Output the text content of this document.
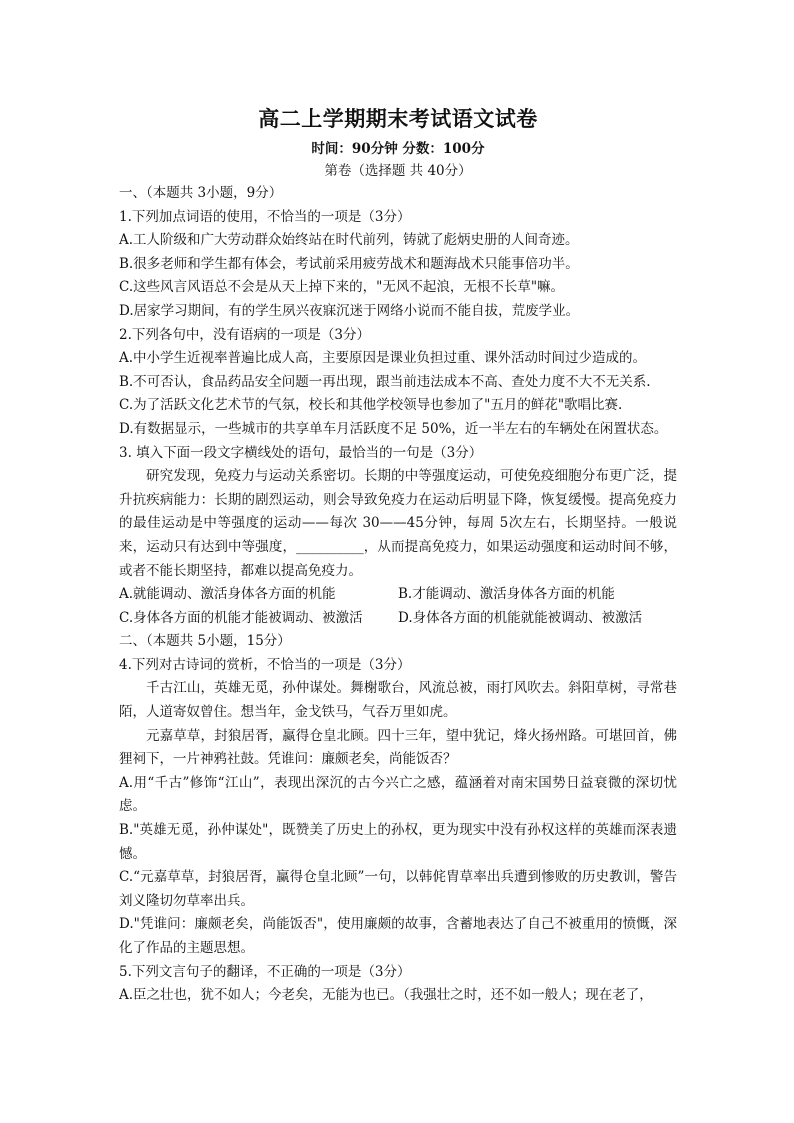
高二上学期期末考试语文试卷
时间：90分钟 分数：100分
第卷（选择题 共 40分）
一、（本题共 3小题，9分）
1.下列加点词语的使用，不恰当的一项是（3分）
A.工人阶级和广大劳动群众始终站在时代前列，铸就了彪炳史册的人间奇迹。
B.很多老师和学生都有体会，考试前采用疲劳战术和题海战术只能事倍功半。
C.这些风言风语总不会是从天上掉下来的，"无风不起浪，无根不长草"嘛。
D.居家学习期间，有的学生夙兴夜寐沉迷于网络小说而不能自拔，荒废学业。
2.下列各句中，没有语病的一项是（3分）
A.中小学生近视率普遍比成人高，主要原因是课业负担过重、课外活动时间过少造成的。
B.不可否认，食品药品安全问题一再出现，跟当前违法成本不高、查处力度不大不无关系.
C.为了活跃文化艺术节的气氛，校长和其他学校领导也参加了"五月的鲜花"歌唱比赛.
D.有数据显示，一些城市的共享单车月活跃度不足 50%，近一半左右的车辆处在闲置状态。
3. 填入下面一段文字横线处的语句，最恰当的一句是（3分）

研究发现，免疫力与运动关系密切。长期的中等强度运动，可使免疫细胞分布更广泛，提升抗疾病能力：长期的剧烈运动，则会导致免疫力在运动后明显下降，恢复缓慢。提高免疫力的最佳运动是中等强度的运动——每次 30——45分钟，每周 5次左右，长期坚持。一般说来，运动只有达到中等强度，__________，从而提高免疫力，如果运动强度和运动时间不够，或者不能长期坚持，都难以提高免疫力。

A.就能调动、激活身体各方面的机能	B.才能调动、激活身体各方面的机能
C.身体各方面的机能才能被调动、被激活	D.身体各方面的机能就能被调动、被激活
二、（本题共 5小题，15分）
4.下列对古诗词的赏析，不恰当的一项是（3分）

千古江山，英雄无觅，孙仲谋处。舞榭歌台，风流总被，雨打风吹去。斜阳草树，寻常巷陌，人道寄奴曾住。想当年，金戈铁马，气吞万里如虎。

元嘉草草，封狼居胥，赢得仓皇北顾。四十三年，望中犹记，烽火扬州路。可堪回首，佛狸祠下，一片神鸦社鼓。凭谁问：廉颇老矣，尚能饭否？

A.用“千古”修饰“江山”，表现出深沉的古今兴亡之感，蕴涵着对南宋国势日益衰微的深切忧虑。

B."英雄无觅，孙仲谋处"，既赞美了历史上的孙权，更为现实中没有孙权这样的英雄而深表遗憾。

C.“元嘉草草，封狼居胥，赢得仓皇北顾”一句，以韩侂胄草率出兵遭到惨败的历史教训，警告刘义隆切勿草率出兵。

D."凭谁问：廉颇老矣，尚能饭否"，使用廉颇的故事，含蓄地表达了自己不被重用的愤慨，深化了作品的主题思想。

5.下列文言句子的翻译，不正确的一项是（3分）
A.臣之壮也，犹不如人；今老矣，无能为也已。（我强壮之时，还不如一般人；现在老了，
